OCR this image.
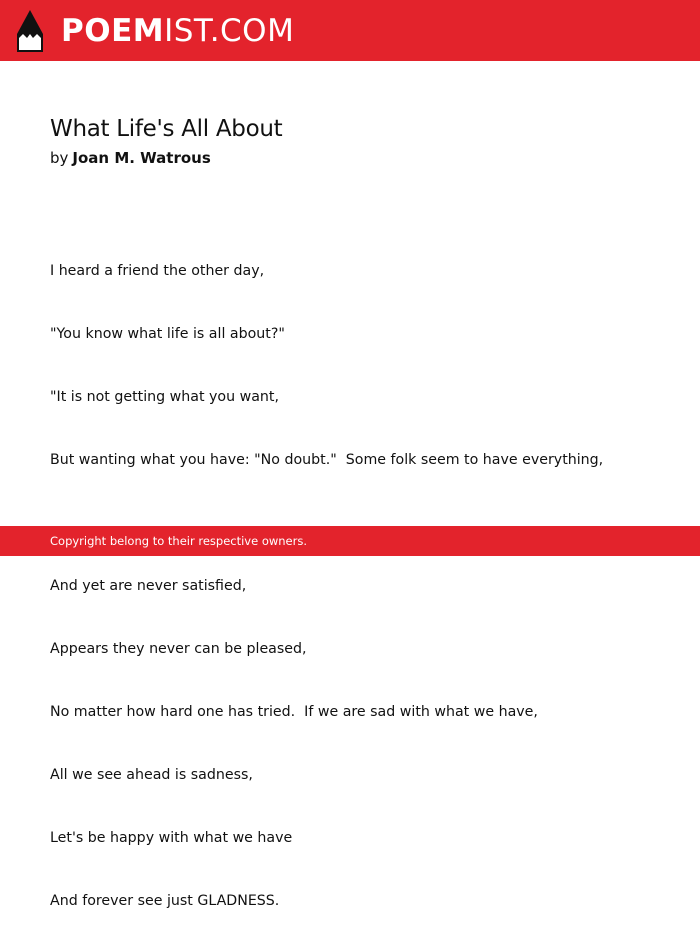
POEMIST.COM
What Life's All About
by Joan M. Watrous

I heard a friend the other day,

"You know what life is all about?"

"It is not getting what you want,

But wanting what you have: "No doubt."  Some folk seem to have everything,

And yet are never satisfied,

Appears they never can be pleased,

No matter how hard one has tried.  If we are sad with what we have,

All we see ahead is sadness,

Let's be happy with what we have

And forever see just GLADNESS.

Copyright belong to their respective owners.
